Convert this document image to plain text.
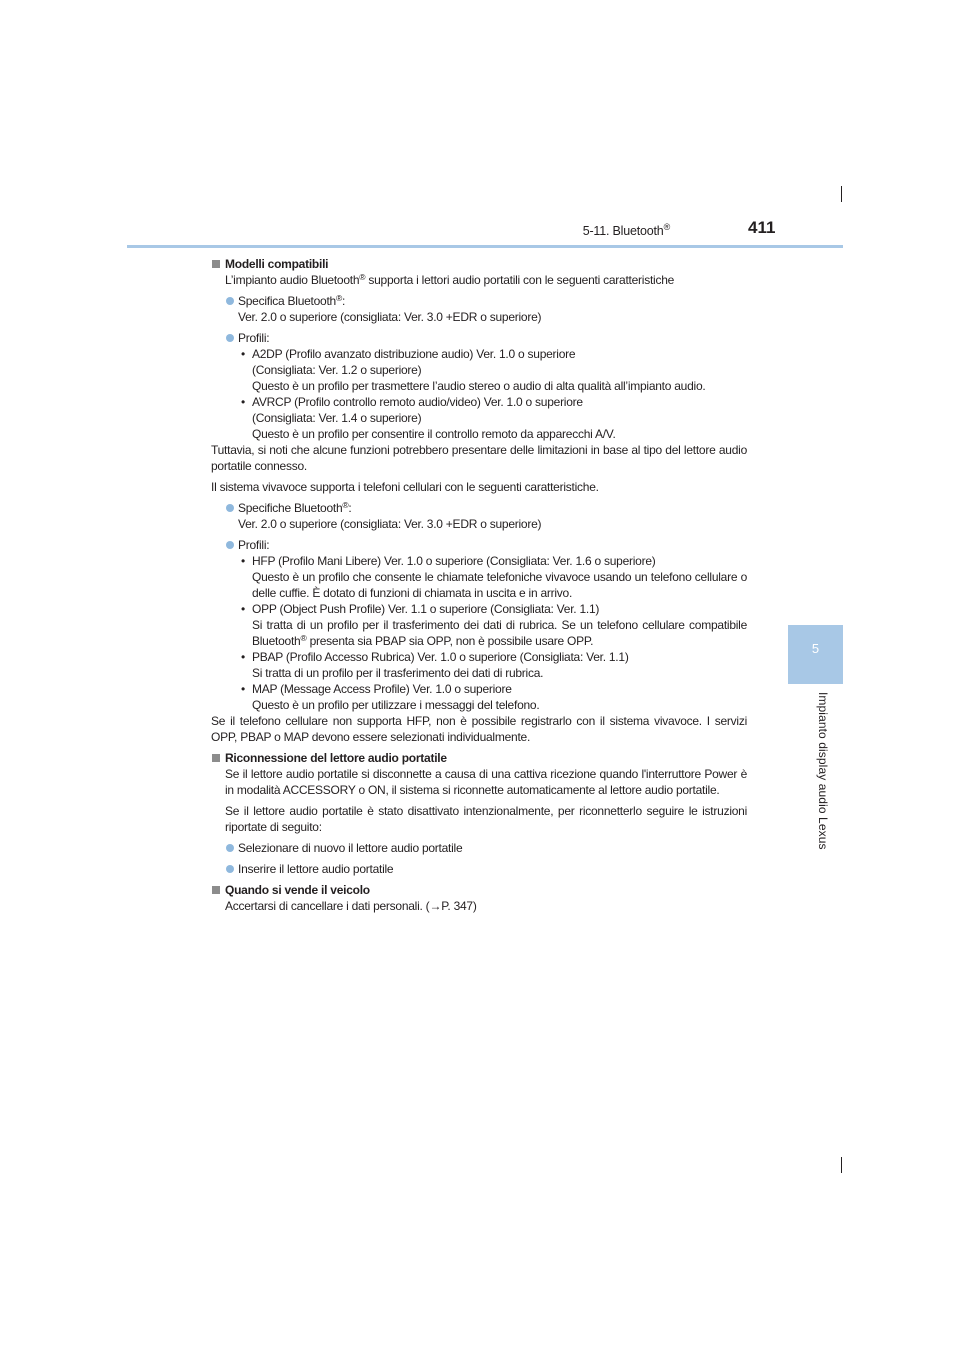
5-11. Bluetooth®	411
5
Impianto display audio Lexus

Modelli compatibili

L’impianto audio Bluetooth® supporta i lettori audio portatili con le seguenti caratteristiche

Specifica Bluetooth®:
Ver. 2.0 o superiore (consigliata: Ver. 3.0 +EDR o superiore)

Profili:

• A2DP (Profilo avanzato distribuzione audio) Ver. 1.0 o superiore
(Consigliata: Ver. 1.2 o superiore)
Questo è un profilo per trasmettere l’audio stereo o audio di alta qualità all’impianto audio.

• AVRCP (Profilo controllo remoto audio/video) Ver. 1.0 o superiore
(Consigliata: Ver. 1.4 o superiore)
Questo è un profilo per consentire il controllo remoto da apparecchi A/V.

Tuttavia, si noti che alcune funzioni potrebbero presentare delle limitazioni in base al tipo del lettore audio portatile connesso.

Il sistema vivavoce supporta i telefoni cellulari con le seguenti caratteristiche.

Specifiche Bluetooth®:
Ver. 2.0 o superiore (consigliata: Ver. 3.0 +EDR o superiore)

Profili:

• HFP (Profilo Mani Libere) Ver. 1.0 o superiore (Consigliata: Ver. 1.6 o superiore)
Questo è un profilo che consente le chiamate telefoniche vivavoce usando un telefono cellulare o delle cuffie. È dotato di funzioni di chiamata in uscita e in arrivo.

• OPP (Object Push Profile) Ver. 1.1 o superiore (Consigliata: Ver. 1.1)
Si tratta di un profilo per il trasferimento dei dati di rubrica. Se un telefono cellulare compatibile Bluetooth® presenta sia PBAP sia OPP, non è possibile usare OPP.

• PBAP (Profilo Accesso Rubrica) Ver. 1.0 o superiore (Consigliata: Ver. 1.1)
Si tratta di un profilo per il trasferimento dei dati di rubrica.

• MAP (Message Access Profile) Ver. 1.0 o superiore
Questo è un profilo per utilizzare i messaggi del telefono.

Se il telefono cellulare non supporta HFP, non è possibile registrarlo con il sistema vivavoce. I servizi OPP, PBAP o MAP devono essere selezionati individualmente.

Riconnessione del lettore audio portatile

Se il lettore audio portatile si disconnette a causa di una cattiva ricezione quando l'interruttore Power è in modalità ACCESSORY o ON, il sistema si riconnette automaticamente al lettore audio portatile.

Se il lettore audio portatile è stato disattivato intenzionalmente, per riconnetterlo seguire le istruzioni riportate di seguito:

Selezionare di nuovo il lettore audio portatile

Inserire il lettore audio portatile

Quando si vende il veicolo

Accertarsi di cancellare i dati personali. (→P. 347)
